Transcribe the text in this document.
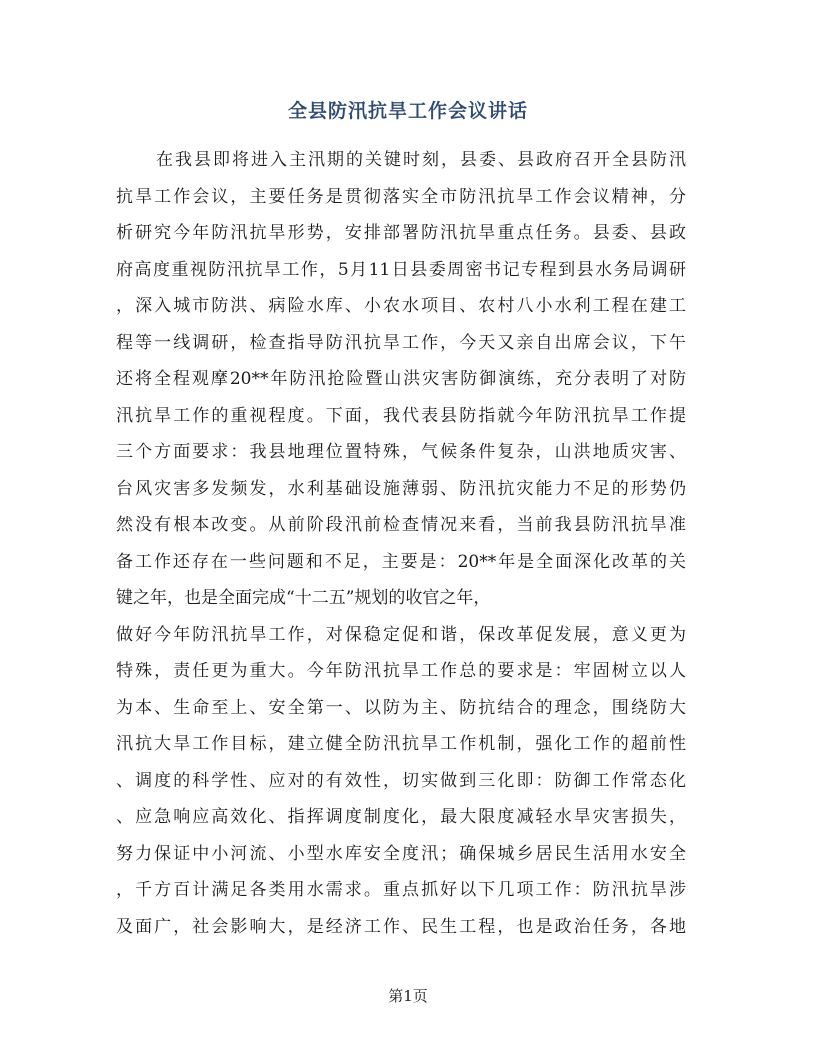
全县防汛抗旱工作会议讲话
在我县即将进入主汛期的关键时刻，县委、县政府召开全县防汛
抗旱工作会议，主要任务是贯彻落实全市防汛抗旱工作会议精神，分
析研究今年防汛抗旱形势，安排部署防汛抗旱重点任务。县委、县政
府高度重视防汛抗旱工作，5月11日县委周密书记专程到县水务局调研
，深入城市防洪、病险水库、小农水项目、农村八小水利工程在建工
程等一线调研，检查指导防汛抗旱工作，今天又亲自出席会议，下午
还将全程观摩20**年防汛抢险暨山洪灾害防御演练，充分表明了对防
汛抗旱工作的重视程度。下面，我代表县防指就今年防汛抗旱工作提
三个方面要求：我县地理位置特殊，气候条件复杂，山洪地质灾害、
台风灾害多发频发，水利基础设施薄弱、防汛抗灾能力不足的形势仍
然没有根本改变。从前阶段汛前检查情况来看，当前我县防汛抗旱准
备工作还存在一些问题和不足，主要是：20**年是全面深化改革的关
键之年，也是全面完成“十二五”规划的收官之年，
做好今年防汛抗旱工作，对保稳定促和谐，保改革促发展，意义更为
特殊，责任更为重大。今年防汛抗旱工作总的要求是：牢固树立以人
为本、生命至上、安全第一、以防为主、防抗结合的理念，围绕防大
汛抗大旱工作目标，建立健全防汛抗旱工作机制，强化工作的超前性
、调度的科学性、应对的有效性，切实做到三化即：防御工作常态化
、应急响应高效化、指挥调度制度化，最大限度减轻水旱灾害损失，
努力保证中小河流、小型水库安全度汛；确保城乡居民生活用水安全
，千方百计满足各类用水需求。重点抓好以下几项工作：防汛抗旱涉
及面广，社会影响大，是经济工作、民生工程，也是政治任务，各地
第1页
